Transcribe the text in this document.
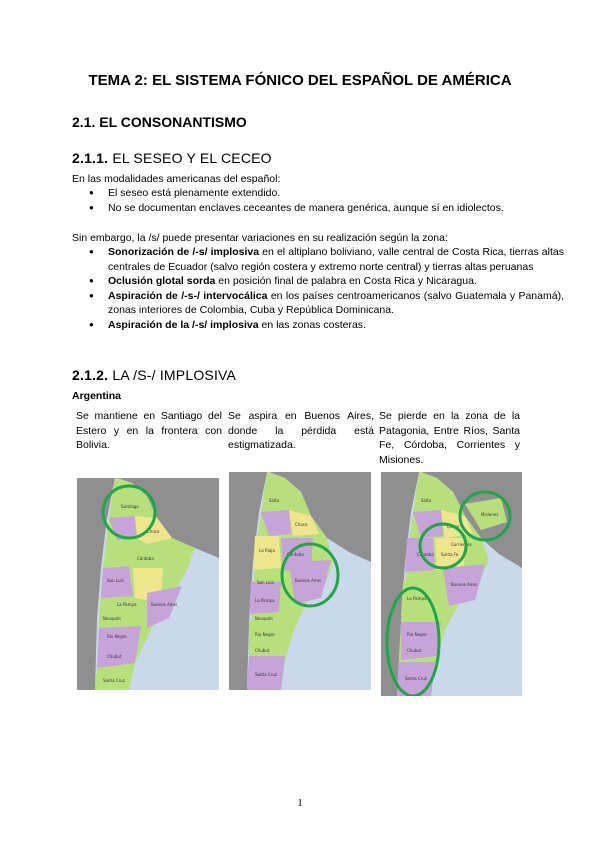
TEMA 2: EL SISTEMA FÓNICO DEL ESPAÑOL DE AMÉRICA
2.1. EL CONSONANTISMO
2.1.1. EL SESEO Y EL CECEO

En las modalidades americanas del español:

● El seseo está plenamente extendido.
● No se documentan enclaves ceceantes de manera genérica, aunque sí en idiolectos.

Sin embargo, la /s/ puede presentar variaciones en su realización según la zona:

● Sonorización de /-s/ implosiva en el altiplano boliviano, valle central de Costa Rica, tierras altas centrales de Ecuador (salvo región costera y extremo norte central) y tierras altas peruanas
● Oclusión glotal sorda en posición final de palabra en Costa Rica y Nicaragua.
● Aspiración de /-s-/ intervocálica en los países centroamericanos (salvo Guatemala y Panamá), zonas interiores de Colombia, Cuba y República Dominicana.
● Aspiración de la /-s/ implosiva en las zonas costeras.
2.1.2. LA /S-/ IMPLOSIVA

Argentina

Se mantiene en Santiago del Estero y en la frontera con Bolivia.

Se aspira en Buenos Aires, donde la pérdida está estigmatizada.

Se pierde en la zona de la Patagonia, Entre Ríos, Santa Fe, Córdoba, Corrientes y Misiones.

Santiago
Chaco
Córdoba
San Luis
La Pampa	Buenos Aires
Neuquén
Río Negro
Chubut
Santa Cruz
Salta
Chaco
La Rioja
Córdoba
San Luis	Buenos Aires
La Pampa
Neuquén
Río Negro
Chubut
Santa Cruz
Salta
Chaco
Córdoba Santa Fe
Corrientes
Misiones
Buenos Aires
La Pampa
Río Negro
Chubut
Santa Cruz
1
